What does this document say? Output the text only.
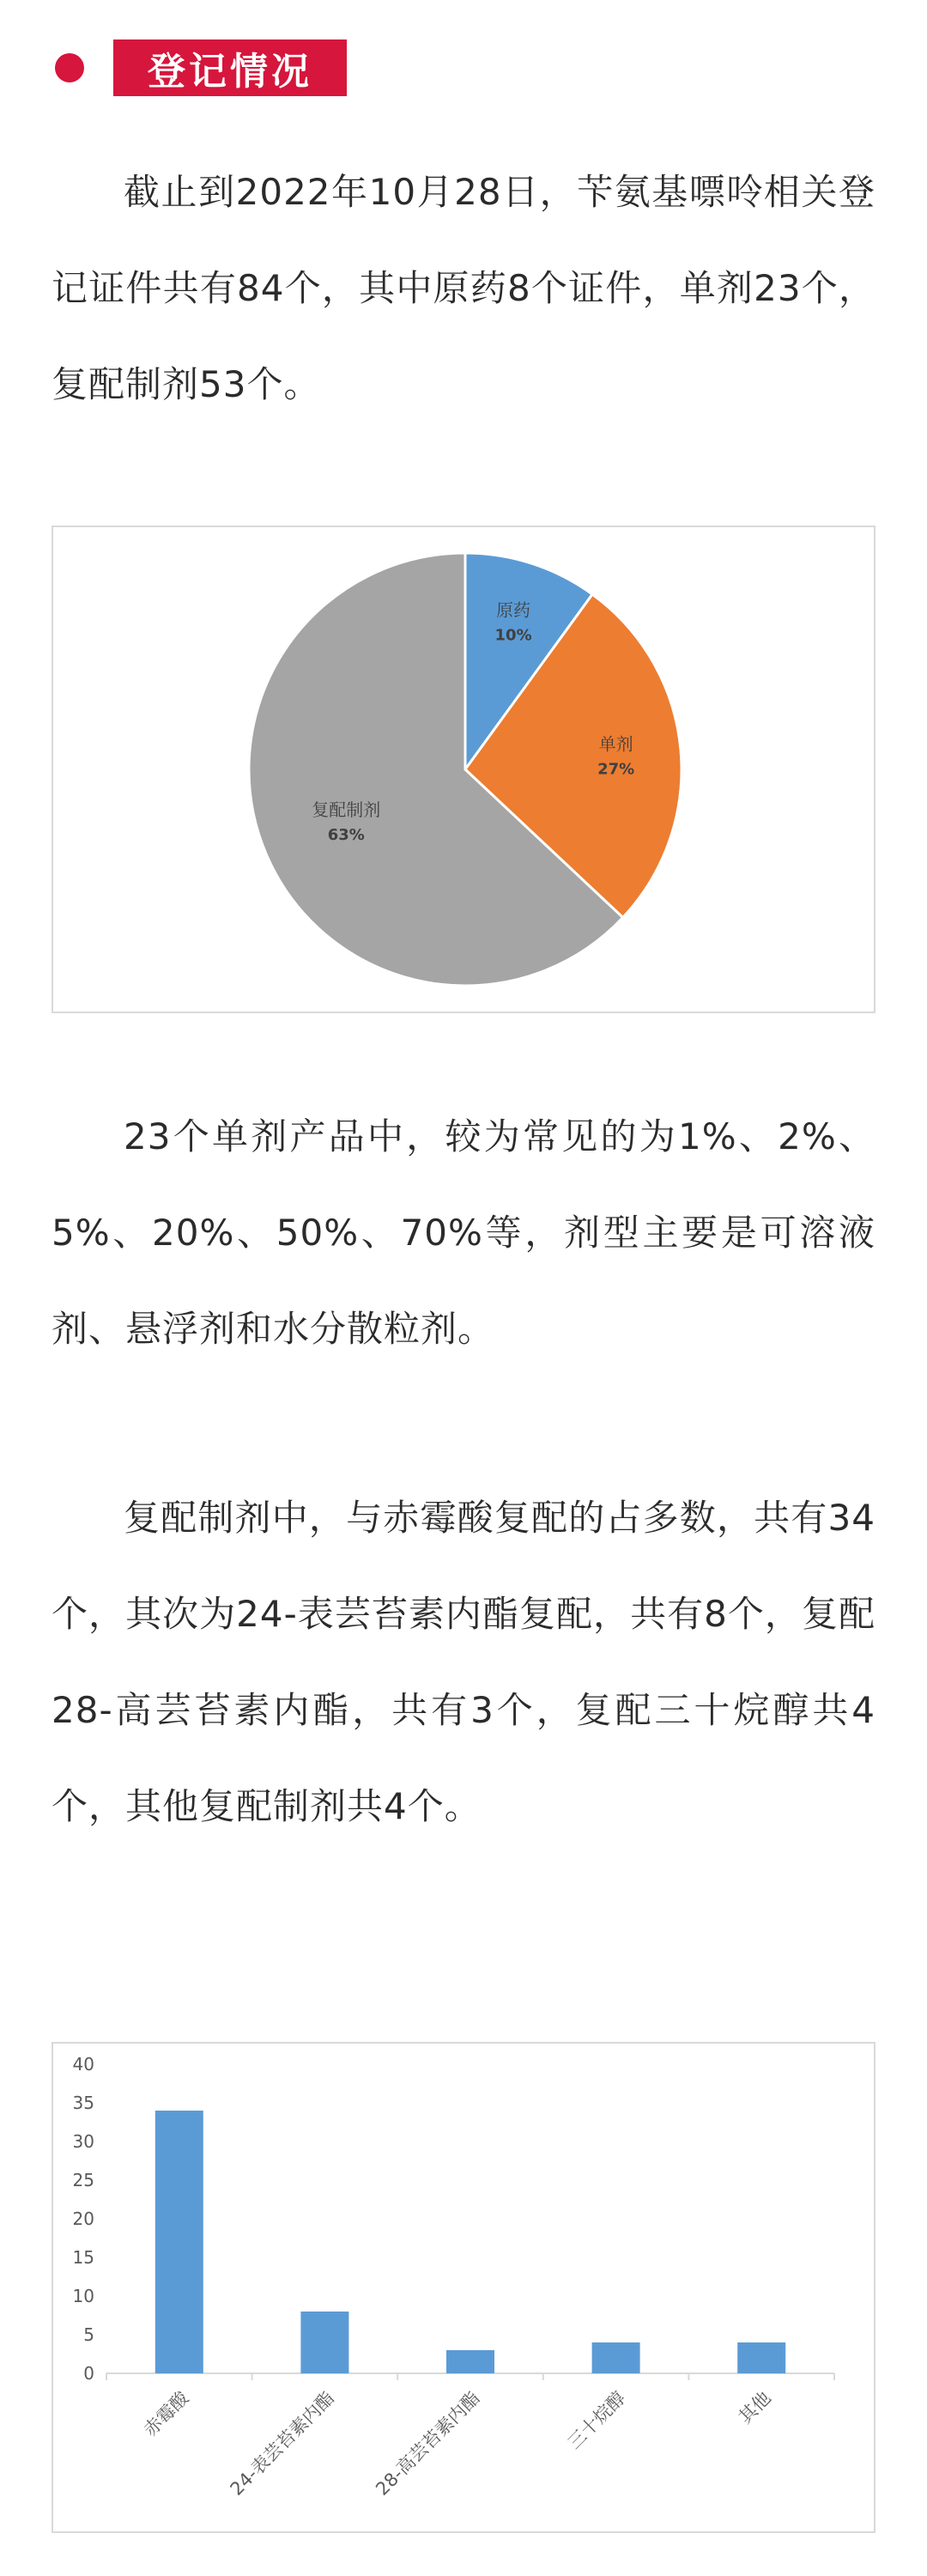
登记情况

截止到2022年10月28日，苄氨基嘌呤相关登记证件共有84个，其中原药8个证件，单剂23个，复配制剂53个。

原药
10%
单剂
27%
复配制剂
63%

23个单剂产品中，较为常见的为1%、2%、5%、20%、50%、70%等，剂型主要是可溶液剂、悬浮剂和水分散粒剂。

复配制剂中，与赤霉酸复配的占多数，共有34个，其次为24-表芸苔素内酯复配，共有8个，复配28-高芸苔素内酯，共有3个，复配三十烷醇共4个，其他复配制剂共4个。

0
5
10
15
20
25
30
35
40
赤霉酸 24-表芸苔素内酯 28-高芸苔素内酯	三十烷醇	其他
